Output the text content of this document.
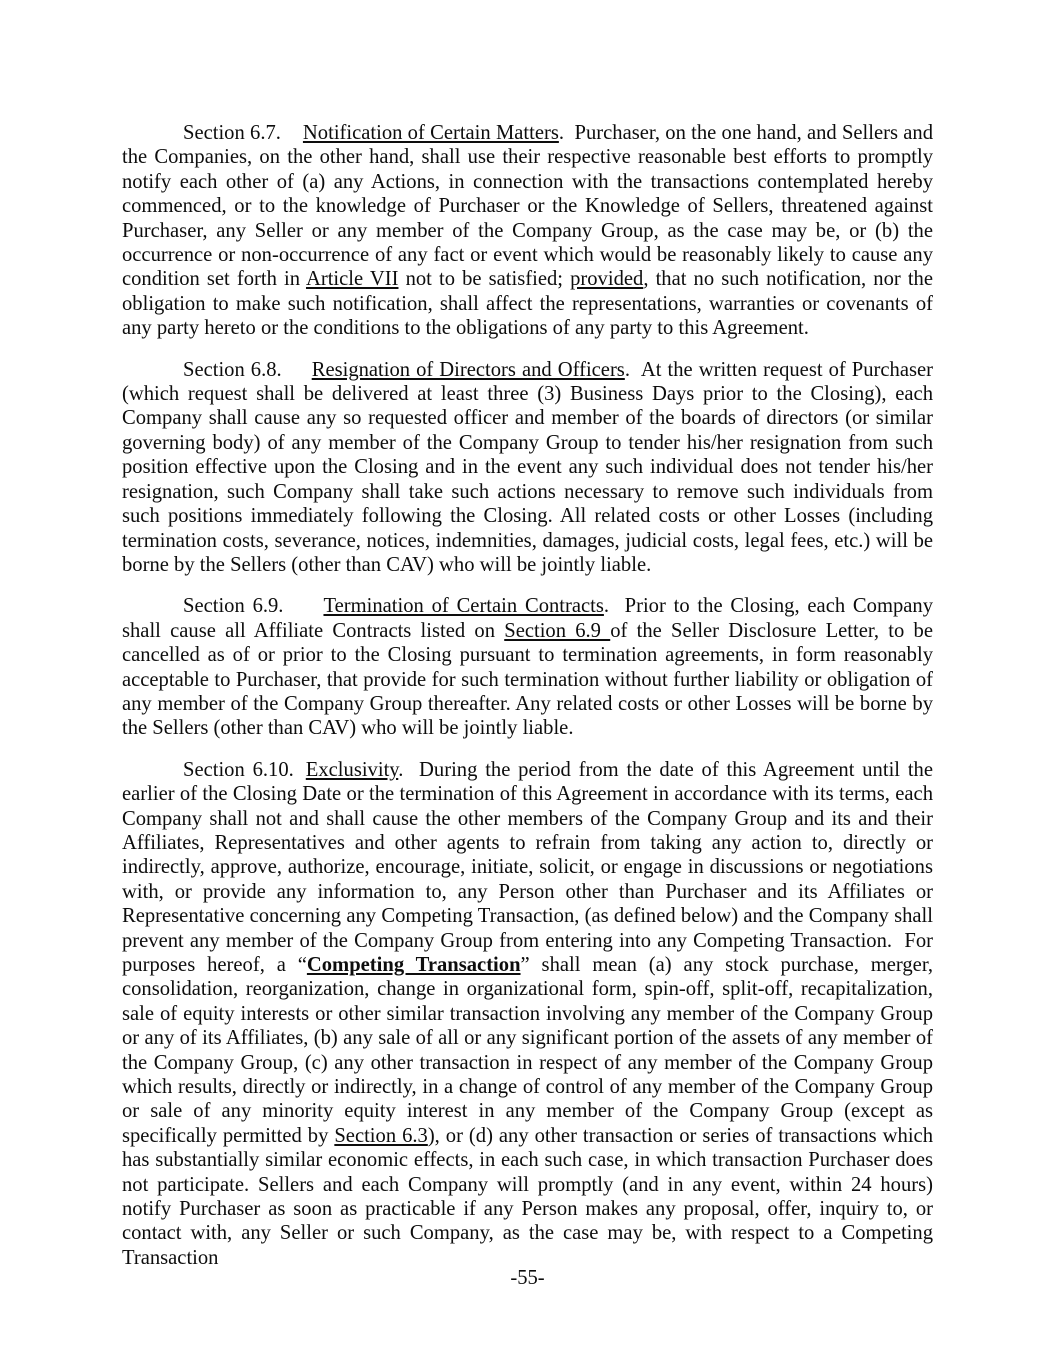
Section 6.7. Notification of Certain Matters.  Purchaser, on the one hand, and Sellers and the Companies, on the other hand, shall use their respective reasonable best efforts to promptly notify each other of (a) any Actions, in connection with the transactions contemplated hereby commenced, or to the knowledge of Purchaser or the Knowledge of Sellers, threatened against Purchaser, any Seller or any member of the Company Group, as the case may be, or (b) the occurrence or non-occurrence of any fact or event which would be reasonably likely to cause any condition set forth in Article VII not to be satisfied; provided, that no such notification, nor the obligation to make such notification, shall affect the representations, warranties or covenants of any party hereto or the conditions to the obligations of any party to this Agreement.

Section 6.8. Resignation of Directors and Officers.  At the written request of Purchaser (which request shall be delivered at least three (3) Business Days prior to the Closing), each Company shall cause any so requested officer and member of the boards of directors (or similar governing body) of any member of the Company Group to tender his/her resignation from such position effective upon the Closing and in the event any such individual does not tender his/her resignation, such Company shall take such actions necessary to remove such individuals from such positions immediately following the Closing. All related costs or other Losses (including termination costs, severance, notices, indemnities, damages, judicial costs, legal fees, etc.) will be borne by the Sellers (other than CAV) who will be jointly liable.

Section 6.9. Termination of Certain Contracts.  Prior to the Closing, each Company shall cause all Affiliate Contracts listed on Section 6.9 of the Seller Disclosure Letter, to be cancelled as of or prior to the Closing pursuant to termination agreements, in form reasonably acceptable to Purchaser, that provide for such termination without further liability or obligation of any member of the Company Group thereafter. Any related costs or other Losses will be borne by the Sellers (other than CAV) who will be jointly liable.

Section 6.10. Exclusivity.  During the period from the date of this Agreement until the earlier of the Closing Date or the termination of this Agreement in accordance with its terms, each Company shall not and shall cause the other members of the Company Group and its and their Affiliates, Representatives and other agents to refrain from taking any action to, directly or indirectly, approve, authorize, encourage, initiate, solicit, or engage in discussions or negotiations with, or provide any information to, any Person other than Purchaser and its Affiliates or Representative concerning any Competing Transaction, (as defined below) and the Company shall prevent any member of the Company Group from entering into any Competing Transaction.  For purposes hereof, a “Competing Transaction” shall mean (a) any stock purchase, merger, consolidation, reorganization, change in organizational form, spin-off, split-off, recapitalization, sale of equity interests or other similar transaction involving any member of the Company Group or any of its Affiliates, (b) any sale of all or any significant portion of the assets of any member of the Company Group, (c) any other transaction in respect of any member of the Company Group which results, directly or indirectly, in a change of control of any member of the Company Group or sale of any minority equity interest in any member of the Company Group (except as specifically permitted by Section 6.3), or (d) any other transaction or series of transactions which has substantially similar economic effects, in each such case, in which transaction Purchaser does not participate. Sellers and each Company will promptly (and in any event, within 24 hours) notify Purchaser as soon as practicable if any Person makes any proposal, offer, inquiry to, or contact with, any Seller or such Company, as the case may be, with respect to a Competing Transaction

-55-
